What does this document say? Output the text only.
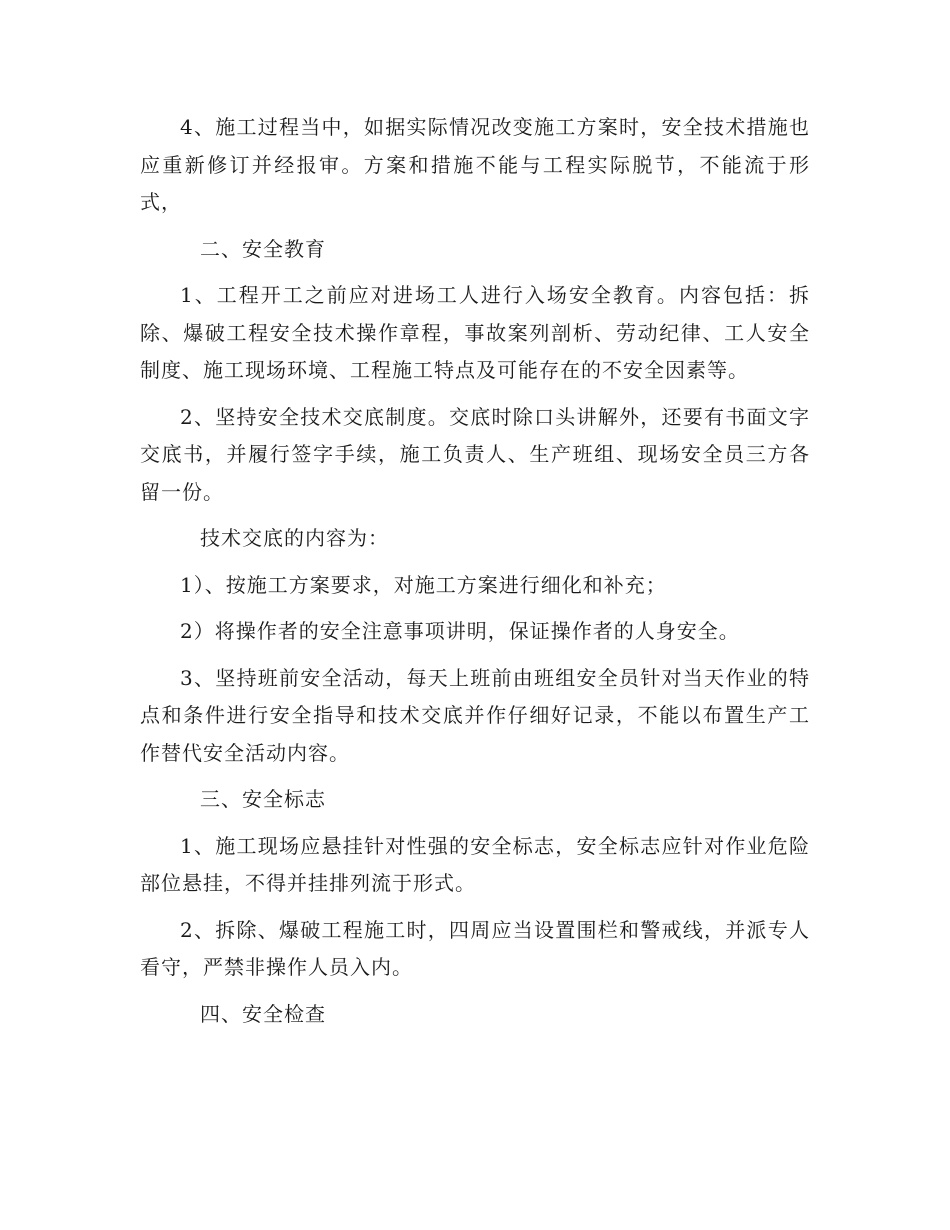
4、施工过程当中，如据实际情况改变施工方案时，安全技术措施也应重新修订并经报审。方案和措施不能与工程实际脱节，不能流于形式，

二、安全教育

1、工程开工之前应对进场工人进行入场安全教育。内容包括：拆除、爆破工程安全技术操作章程，事故案列剖析、劳动纪律、工人安全制度、施工现场环境、工程施工特点及可能存在的不安全因素等。

2、坚持安全技术交底制度。交底时除口头讲解外，还要有书面文字交底书，并履行签字手续，施工负责人、生产班组、现场安全员三方各留一份。

技术交底的内容为：

1）、按施工方案要求，对施工方案进行细化和补充；

2）将操作者的安全注意事项讲明，保证操作者的人身安全。

3、坚持班前安全活动，每天上班前由班组安全员针对当天作业的特点和条件进行安全指导和技术交底并作仔细好记录，不能以布置生产工作替代安全活动内容。

三、安全标志

1、施工现场应悬挂针对性强的安全标志，安全标志应针对作业危险部位悬挂，不得并挂排列流于形式。

2、拆除、爆破工程施工时，四周应当设置围栏和警戒线，并派专人看守，严禁非操作人员入内。

四、安全检查
